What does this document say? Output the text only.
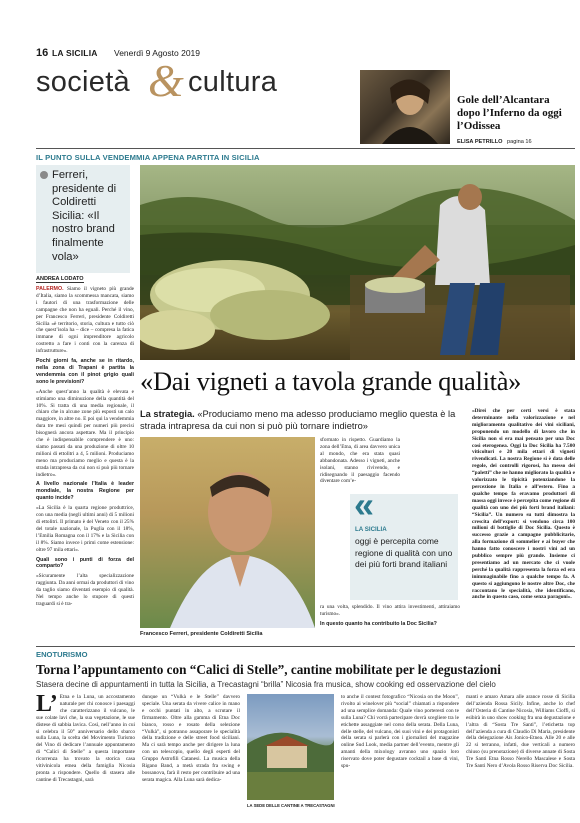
16 LA SICILIA Venerdì 9 Agosto 2019
società & cultura
Gole dell’Alcantara dopo l’Inferno da oggi l’Odissea
ELISA PETRILLO pagina 16
IL PUNTO SULLA VENDEMMIA APPENA PARTITA IN SICILIA
Ferreri, presidente di Coldiretti Sicilia: «Il nostro brand finalmente vola»
ANDREA LODATO
«Dai vigneti a tavola grande qualità»

PALERMO. Siamo il vigneto più grande d’Italia, siamo la scommessa mancata, siamo i fautori di una trasformazione delle campagne che non ha eguali. Perché il vino, per Francesco Ferreri, presidente Coldiretti Sicilia «è territorio, storia, cultura e tutto ciò che quest’isola ha – dice – compresa la fatica immane di ogni imprenditore agricolo costretto a fare i conti con la carenza di infrastrutture».

Pochi giorni fa, anche se in ritardo, nella zona di Trapani è partita la vendemmia con il pinot grigio quali sono le previsioni?

«Anche quest’anno la qualità è elevata e stimiamo una diminuzione della quantità del 10%. Si tratta di una media regionale, il chiaro che in alcune zone più esposti un calo maggiore, in altre no. E poi qui la vendemmia dura tre mesi quindi per numeri più precisi bisognerà ancora aspettare. Ma il principio che è indispensabile comprendere è uno: siamo passati da una produzione di oltre 10 milioni di ettolitri a 4, 5 milioni. Produciamo meno ma produciamo meglio e questa è la strada intrapresa da cui non si può più tornare indietro».

A livello nazionale l’Italia è leader mondiale, la nostra Regione per quanto incide?

«La Sicilia è la quarta regione produttrice, con una media (negli ultimi anni) di 5 milioni di ettolitri. Il primato è del Veneto con il 25% del totale nazionale, la Puglia con il 18%, l’Emilia Romagna con il 17% e la Sicilia con il 8%. Siamo invece i primi come estensione: oltre 97 mila ettari».

Quali sono i punti di forza del comparto?

«Sicuramente l’alta specializzazione raggiunta. Da anni ormai da produttori di vino da taglio siamo diventati esempio di qualità. Nel tempo anche lo stupore di questi traguardi si è tra-

La strategia. «Produciamo meno ma adesso produciamo meglio questa è la strada intrapresa da cui non si può più tornare indietro»
Francesco Ferreri, presidente Coldiretti Sicilia

sformato in rispetto. Guardiamo la zona dell’Etna, di area davvero unica al mondo, che era stata quasi abbandonata. Adesso i vigneti, anche isolani, stanno rivivendo, e ridisegnando il paesaggio facendo diventare com’e-

«
LA SICILIA
oggi è percepita come regione di qualità con uno dei più forti brand italiani

ra una volta, splendido. Il vino attira investimenti, attiraiamo turismo».

In questo quanto ha contribuito la Doc Sicilia?

«Direi che per certi versi è stata determinante nella valorizzazione e nel miglioramento qualitativo dei vini siciliani, proponendo un modello di lavoro che in Sicilia non si era mai pensato per una Doc così eterogenea. Oggi la Doc Sicilia ha 7.500 viticoltori e 20 mila ettari di vigneti rivendicati. La nostra Regione si è data delle regole, dei controlli rigorosi, ha messo dei “paletti” che ne hanno migliorato la qualità e valorizzato le tipicità potenziandone la percezione in Italia e all’estero. Fino a qualche tempo fa eravamo produttori di massa oggi invece è percepita come regione di qualità con uno dei più forti brand italiani: “Sicilia”. Un numero su tutti dimostra la crescita dell’export: si vendono circa 100 milioni di bottiglie di Doc Sicilia. Questo è successo grazie a campagne pubblicitarie, alla formazione di sommelier e ai buyer che hanno fatto conoscere i nostri vini ad un pubblico sempre più grande. Insieme ci presentiamo ad un mercato che ci vuole perché la qualità rappresenta la forza ed era inimmaginabile fino a qualche tempo fa. A questo si aggiungono le nostre altre Doc, che raccontano le specialità, che identificano, anche in questo caso, come senza paragoni».

ENOTURISMO
Torna l’appuntamento con “Calici di Stelle”, cantine mobilitate per le degustazioni
Stasera decine di appuntamenti in tutta la Sicilia, a Trecastagni “brilla” Nicosia fra musica, show cooking ed osservazione del cielo
L’ Etna e la Luna, un accostamento naturale per chi conosce i paesaggi che caratterizzano il vulcano, le sue colate lavi che, la sua vegetazione, le sue distese di sabbia lavica. Così, nell’anno in cui si celebra il 50° anniversario dello sbarco sulla Luna, la scelta del Movimento Turismo del Vino di dedicare l’annuale appuntamento di “Calici di Stelle” a questa importante ricorrenza ha trovato la storica casa vitivinicola etnea della famiglia Nicosia pronta a rispondere. Quello di stasera alle cantine di Trecastagni, sarà
dunque un “Vulkà e le Stelle” davvero speciale. Una serata da vivere calice in mano e occhi puntati in alto, a scrutare il firmamento. Oltre alla gamma di Etna Doc bianco, rosso e rosato della selezione “Vulkà”, si potranno assaporare le specialità della tradizione e delle street food siciliani. Ma ci sarà tempo anche per dirigere la luna con un telescopio, quello degli esperti del Gruppo Astrofili Catanesi. La musica della Rigano Band, a metà strada fra swing e bossanova, farà il resto per contribuire ad una serata magica. Alla Luna sarà dedica-
LA SEDE DELLE CANTINE A TRECASTAGNI
to anche il contest fotografico “Nicosia on the Moon”, rivolto ai winelover più “social” chiamati a rispondere ad una semplice domanda: Quale vino porteresti con te sulla Luna? Chi vorrà partecipare dovrà scegliere tra le etichette assaggiate nel corso della serata. Della Luna, delle stelle, del vulcano, dei suoi vini e dei protagonisti della serata si parlerà con i giornalisti del magazine online Sud Look, media partner dell’evento, mentre gli amanti della mixology avranno uno spazio loro riservato dove poter degustare cocktail a base di vini, spu-
manti e amaro Amara alle arance rosse di Sicilia dell’azienda Rossa Sicily. Infine, anche lo chef dell’Osteria di Cantine Nicosia, Williams Cioffi, si esibirà in uno show cooking fra una degustazione e l’altra di “Sosta Tre Santi”, l’etichetta top dell’azienda a cura di Claudio Di Maria, presidente della delegazione Ais Jonico-Etnea. Alle 20 e alle 22 si terranno, infatti, due verticali a numero chiuso (su prenotazione) di diverse annate di Sosta Tre Santi Etna Rosso Nerello Mascalese e Sosta Tre Santi Nero d’Avola Rosso Riserva Doc Sicilia.
